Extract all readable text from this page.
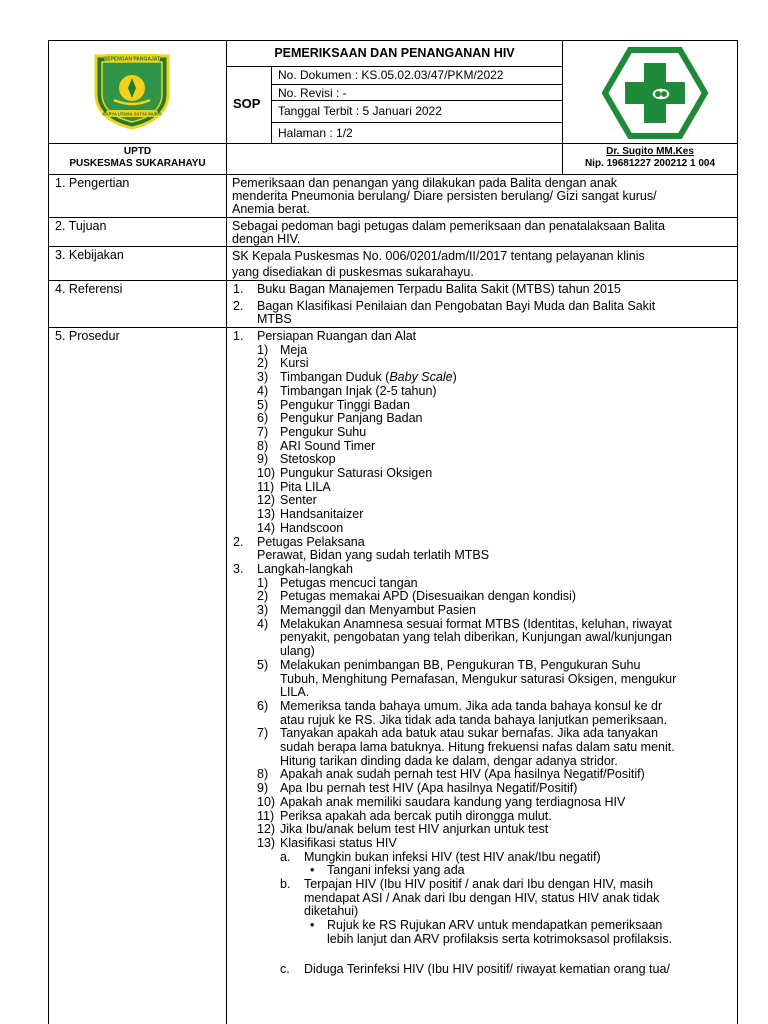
SEPENGAN PANGAJAT
KARYA UTAMA SATYA MURTI
PEMERIKSAAN DAN PENANGANAN HIV
SOP
No. Dokumen : KS.05.02.03/47/PKM/2022
No. Revisi : -
Tanggal Terbit : 5 Januari 2022
Halaman : 1/2
UPTD
PUSKESMAS SUKARAHAYU
Dr. Sugito MM.Kes
Nip. 19681227 200212 1 004
1. Pengertian	Pemeriksaan dan penangan yang dilakukan pada Balita dengan anak
menderita Pneumonia berulang/ Diare persisten berulang/ Gizi sangat kurus/
Anemia berat.
2. Tujuan	Sebagai pedoman bagi petugas dalam pemeriksaan dan penatalaksaan Balita
dengan HIV.
3. Kebijakan	SK Kepala Puskesmas No. 006/0201/adm/II/2017 tentang pelayanan klinis
yang disediakan di puskesmas sukarahayu.
4. Referensi	1. Buku Bagan Manajemen Terpadu Balita Sakit (MTBS) tahun 2015
2. Bagan Klasifikasi Penilaian dan Pengobatan Bayi Muda dan Balita Sakit
MTBS
5. Prosedur	1. Persiapan Ruangan dan Alat
1) Meja
2) Kursi
3) Timbangan Duduk (Baby Scale)
4) Timbangan Injak (2-5 tahun)
5) Pengukur Tinggi Badan
6) Pengukur Panjang Badan
7) Pengukur Suhu
8) ARI Sound Timer
9) Stetoskop
10) Pungukur Saturasi Oksigen
11) Pita LILA
12) Senter
13) Handsanitaizer
14) Handscoon
2. Petugas Pelaksana
Perawat, Bidan yang sudah terlatih MTBS
3. Langkah-langkah
1) Petugas mencuci tangan
2) Petugas memakai APD (Disesuaikan dengan kondisi)
3) Memanggil dan Menyambut Pasien
4) Melakukan Anamnesa sesuai format MTBS (Identitas, keluhan, riwayat
penyakit, pengobatan yang telah diberikan, Kunjungan awal/kunjungan
ulang)
5) Melakukan penimbangan BB, Pengukuran TB, Pengukuran Suhu
Tubuh, Menghitung Pernafasan, Mengukur saturasi Oksigen, mengukur
LILA.
6) Memeriksa tanda bahaya umum. Jika ada tanda bahaya konsul ke dr
atau rujuk ke RS. Jika tidak ada tanda bahaya lanjutkan pemeriksaan.
7) Tanyakan apakah ada batuk atau sukar bernafas. Jika ada tanyakan
sudah berapa lama batuknya. Hitung frekuensi nafas dalam satu menit.
Hitung tarikan dinding dada ke dalam, dengar adanya stridor.
8) Apakah anak sudah pernah test HIV (Apa hasilnya Negatif/Positif)
9) Apa Ibu pernah test HIV (Apa hasilnya Negatif/Positif)
10) Apakah anak memiliki saudara kandung yang terdiagnosa HIV
11) Periksa apakah ada bercak putih dirongga mulut.
12) Jika Ibu/anak belum test HIV anjurkan untuk test
13) Klasifikasi status HIV
a. Mungkin bukan infeksi HIV (test HIV anak/Ibu negatif)
• Tangani infeksi yang ada
b. Terpajan HIV (Ibu HIV positif / anak dari Ibu dengan HIV, masih
mendapat ASI / Anak dari Ibu dengan HIV, status HIV anak tidak
diketahui)
• Rujuk ke RS Rujukan ARV untuk mendapatkan pemeriksaan
lebih lanjut dan ARV profilaksis serta kotrimoksasol profilaksis.
c. Diduga Terinfeksi HIV (Ibu HIV positif/ riwayat kematian orang tua/
